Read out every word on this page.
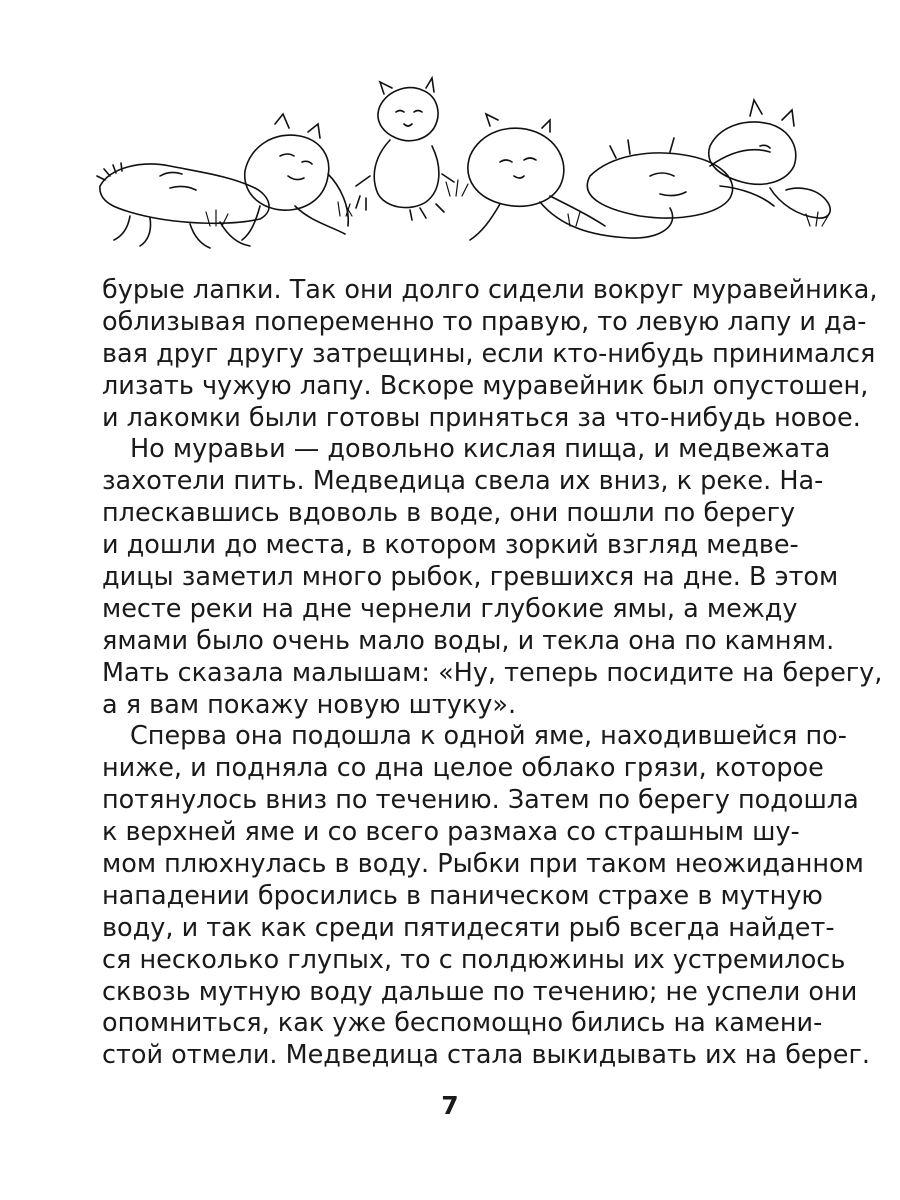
бурые лапки. Так они долго сидели вокруг муравейника,
облизывая попеременно то правую, то левую лапу и да-
вая друг другу затрещины, если кто-нибудь принимался
лизать чужую лапу. Вскоре муравейник был опустошен,
и лакомки были готовы приняться за что-нибудь новое.
Но муравьи — довольно кислая пища, и медвежата
захотели пить. Медведица свела их вниз, к реке. На-
плескавшись вдоволь в воде, они пошли по берегу
и дошли до места, в котором зоркий взгляд медве-
дицы заметил много рыбок, гревшихся на дне. В этом
месте реки на дне чернели глубокие ямы, а между
ямами было очень мало воды, и текла она по камням.
Мать сказала малышам: «Ну, теперь посидите на берегу,
а я вам покажу новую штуку».
Сперва она подошла к одной яме, находившейся по-
ниже, и подняла со дна целое облако грязи, которое
потянулось вниз по течению. Затем по берегу подошла
к верхней яме и со всего размаха со страшным шу-
мом плюхнулась в воду. Рыбки при таком неожиданном
нападении бросились в паническом страхе в мутную
воду, и так как среди пятидесяти рыб всегда найдет-
ся несколько глупых, то с полдюжины их устремилось
сквозь мутную воду дальше по течению; не успели они
опомниться, как уже беспомощно бились на камени-
стой отмели. Медведица стала выкидывать их на берег.
7
